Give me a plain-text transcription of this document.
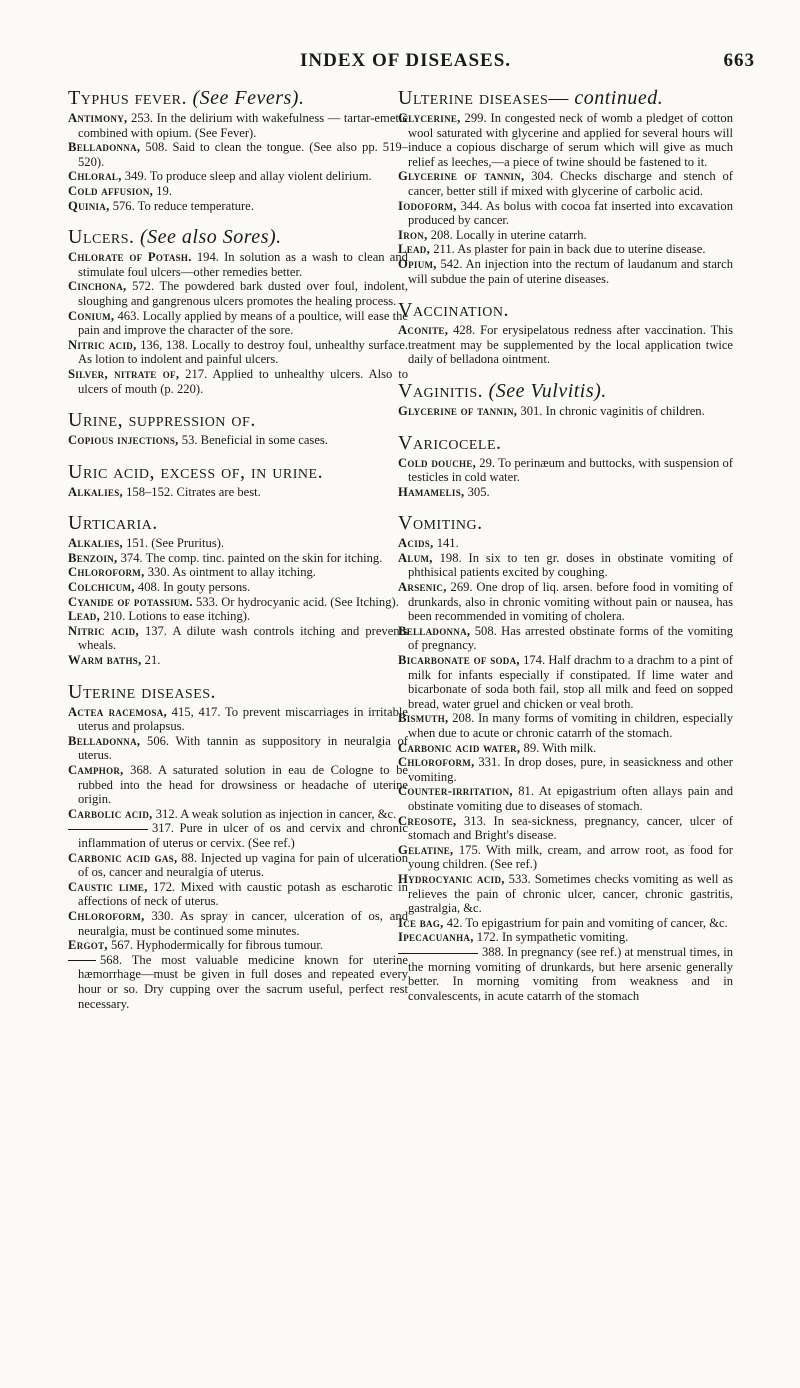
INDEX OF DISEASES.	663
Typhus fever. (See Fevers).
Antimony, 253. In the delirium with wakefulness — tartar-emetic combined with opium. (See Fever).
Belladonna, 508. Said to clean the tongue. (See also pp. 519–520).
Chloral, 349. To produce sleep and allay violent delirium.
Cold affusion, 19.
Quinia, 576. To reduce temperature.
Ulcers. (See also Sores).
Chlorate of Potash. 194. In solution as a wash to clean and stimulate foul ulcers—other remedies better.
Cinchona, 572. The powdered bark dusted over foul, indolent, sloughing and gangrenous ulcers promotes the healing process.
Conium, 463. Locally applied by means of a poultice, will ease the pain and improve the character of the sore.
Nitric acid, 136, 138. Locally to destroy foul, unhealthy surface. As lotion to indolent and painful ulcers.
Silver, nitrate of, 217. Applied to unhealthy ulcers. Also to ulcers of mouth (p. 220).
Urine, suppression of.
Copious injections, 53. Beneficial in some cases.
Uric acid, excess of, in urine.
Alkalies, 158–152. Citrates are best.
Urticaria.
Alkalies, 151. (See Pruritus).
Benzoin, 374. The comp. tinc. painted on the skin for itching.
Chloroform, 330. As ointment to allay itching.
Colchicum, 408. In gouty persons.
Cyanide of potassium. 533. Or hydrocyanic acid. (See Itching).
Lead, 210. Lotions to ease itching).
Nitric acid, 137. A dilute wash controls itching and prevents wheals.
Warm baths, 21.
Uterine diseases.
Actea racemosa, 415, 417. To prevent miscarriages in irritable uterus and prolapsus.
Belladonna, 506. With tannin as suppository in neuralgia of uterus.
Camphor, 368. A saturated solution in eau de Cologne to be rubbed into the head for drowsiness or headache of uterine origin.
Carbolic acid, 312. A weak solution as injection in cancer, &c.
317. Pure in ulcer of os and cervix and chronic inflammation of uterus or cervix. (See ref.)
Carbonic acid gas, 88. Injected up vagina for pain of ulceration of os, cancer and neuralgia of uterus.
Caustic lime, 172. Mixed with caustic potash as escharotic in affections of neck of uterus.
Chloroform, 330. As spray in cancer, ulceration of os, and neuralgia, must be continued some minutes.
Ergot, 567. Hyphodermically for fibrous tumour.
568. The most valuable medicine known for uterine hæmorrhage—must be given in full doses and repeated every hour or so. Dry cupping over the sacrum useful, perfect rest necessary.
Ulterine diseases— continued.
Glycerine, 299. In congested neck of womb a pledget of cotton wool saturated with glycerine and applied for several hours will induce a copious discharge of serum which will give as much relief as leeches,—a piece of twine should be fastened to it.
Glycerine of tannin, 304. Checks discharge and stench of cancer, better still if mixed with glycerine of carbolic acid.
Iodoform, 344. As bolus with cocoa fat inserted into excavation produced by cancer.
Iron, 208. Locally in uterine catarrh.
Lead, 211. As plaster for pain in back due to uterine disease.
Opium, 542. An injection into the rectum of laudanum and starch will subdue the pain of uterine diseases.
Vaccination.
Aconite, 428. For erysipelatous redness after vaccination. This treatment may be supplemented by the local application twice daily of belladona ointment.
Vaginitis. (See Vulvitis).
Glycerine of tannin, 301. In chronic vaginitis of children.
Varicocele.
Cold douche, 29. To perinæum and buttocks, with suspension of testicles in cold water.
Hamamelis, 305.
Vomiting.
Acids, 141.
Alum, 198. In six to ten gr. doses in obstinate vomiting of phthisical patients excited by coughing.
Arsenic, 269. One drop of liq. arsen. before food in vomiting of drunkards, also in chronic vomiting without pain or nausea, has been recommended in vomiting of cholera.
Belladonna, 508. Has arrested obstinate forms of the vomiting of pregnancy.
Bicarbonate of soda, 174. Half drachm to a drachm to a pint of milk for infants especially if constipated. If lime water and bicarbonate of soda both fail, stop all milk and feed on sopped bread, water gruel and chicken or veal broth.
Bismuth, 208. In many forms of vomiting in children, especially when due to acute or chronic catarrh of the stomach.
Carbonic acid water, 89. With milk.
Chloroform, 331. In drop doses, pure, in seasickness and other vomiting.
Counter-irritation, 81. At epigastrium often allays pain and obstinate vomiting due to diseases of stomach.
Creosote, 313. In sea-sickness, pregnancy, cancer, ulcer of stomach and Bright's disease.
Gelatine, 175. With milk, cream, and arrow root, as food for young children. (See ref.)
Hydrocyanic acid, 533. Sometimes checks vomiting as well as relieves the pain of chronic ulcer, cancer, chronic gastritis, gastralgia, &c.
Ice bag, 42. To epigastrium for pain and vomiting of cancer, &c.
Ipecacuanha, 172. In sympathetic vomiting.
388. In pregnancy (see ref.) at menstrual times, in the morning vomiting of drunkards, but here arsenic generally better. In morning vomiting from weakness and in convalescents, in acute catarrh of the stomach
